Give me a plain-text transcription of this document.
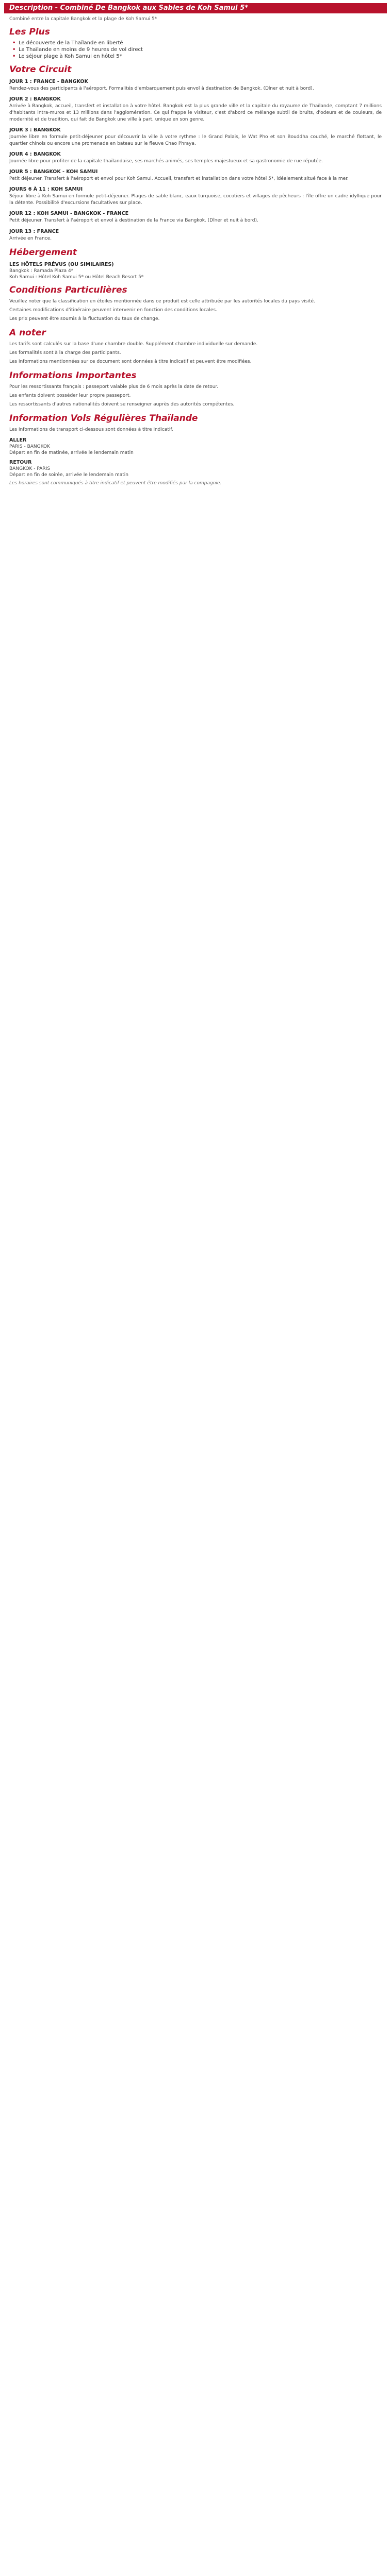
Description - Combiné De Bangkok aux Sables de Koh Samui 5*
Combiné entre la capitale Bangkok et la plage de Koh Samui 5*
Les Plus
• Le découverte de la Thaïlande en liberté
• La Thaïlande en moins de 9 heures de vol direct
• Le séjour plage à Koh Samui en hôtel 5*
Votre Circuit
JOUR 1 : FRANCE - BANGKOK
Rendez-vous des participants à l'aéroport. Formalités d'embarquement puis envol à destination de Bangkok. (Dîner et nuit à bord).
JOUR 2 : BANGKOK
Arrivée à Bangkok, accueil, transfert et installation à votre hôtel. Bangkok est la plus grande ville et la capitale du royaume de Thaïlande, comptant 7 millions d'habitants intra-muros et 13 millions dans l'agglomération. Ce qui frappe le visiteur, c'est d'abord ce mélange subtil de bruits, d'odeurs et de couleurs, de modernité et de tradition, qui fait de Bangkok une ville à part, unique en son genre.
JOUR 3 : BANGKOK
Journée libre en formule petit-déjeuner pour découvrir la ville à votre rythme : le Grand Palais, le Wat Pho et son Bouddha couché, le marché flottant, le quartier chinois ou encore une promenade en bateau sur le fleuve Chao Phraya.
JOUR 4 : BANGKOK
Journée libre pour profiter de la capitale thaïlandaise, ses marchés animés, ses temples majestueux et sa gastronomie de rue réputée.
JOUR 5 : BANGKOK - KOH SAMUI
Petit déjeuner. Transfert à l'aéroport et envol pour Koh Samui. Accueil, transfert et installation dans votre hôtel 5*, idéalement situé face à la mer.
JOURS 6 À 11 : KOH SAMUI
Séjour libre à Koh Samui en formule petit-déjeuner. Plages de sable blanc, eaux turquoise, cocotiers et villages de pêcheurs : l'île offre un cadre idyllique pour la détente. Possibilité d'excursions facultatives sur place.
JOUR 12 : KOH SAMUI - BANGKOK - FRANCE
Petit déjeuner. Transfert à l'aéroport et envol à destination de la France via Bangkok. (Dîner et nuit à bord).
JOUR 13 : FRANCE
Arrivée en France.
Hébergement
LES HÔTELS PRÉVUS (OU SIMILAIRES)
Bangkok : Ramada Plaza 4*
Koh Samui : Hôtel Koh Samui 5* ou Hôtel Beach Resort 5*
Conditions Particulières
Veuillez noter que la classification en étoiles mentionnée dans ce produit est celle attribuée par les autorités locales du pays visité.
Certaines modifications d'itinéraire peuvent intervenir en fonction des conditions locales.
Les prix peuvent être soumis à la fluctuation du taux de change.
A noter
Les tarifs sont calculés sur la base d'une chambre double. Supplément chambre individuelle sur demande.
Les formalités sont à la charge des participants.
Les informations mentionnées sur ce document sont données à titre indicatif et peuvent être modifiées.
Informations Importantes
Pour les ressortissants français : passeport valable plus de 6 mois après la date de retour.
Les enfants doivent posséder leur propre passeport.
Les ressortissants d'autres nationalités doivent se renseigner auprès des autorités compétentes.
Information Vols Régulières Thaïlande
Les informations de transport ci-dessous sont données à titre indicatif.
ALLER
PARIS - BANGKOK
Départ en fin de matinée, arrivée le lendemain matin
RETOUR
BANGKOK - PARIS
Départ en fin de soirée, arrivée le lendemain matin
Les horaires sont communiqués à titre indicatif et peuvent être modifiés par la compagnie.
